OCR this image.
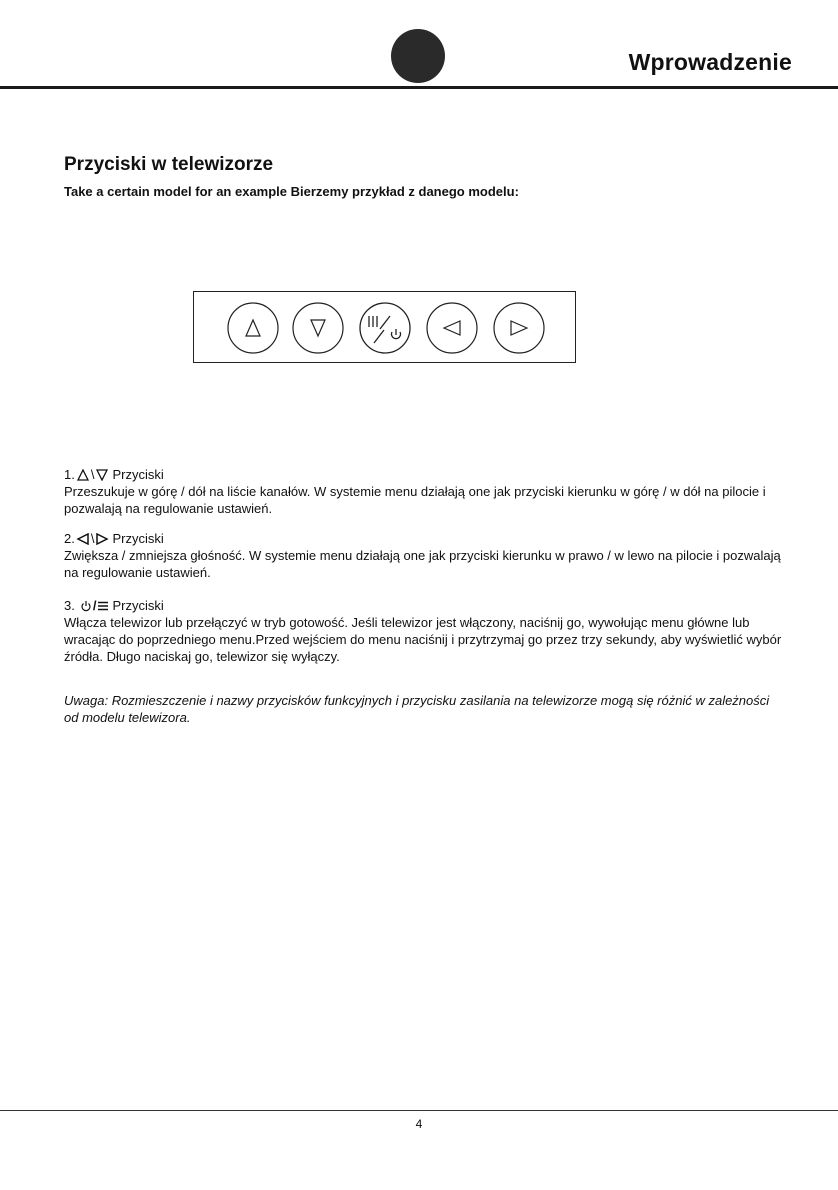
Wprowadzenie
Przyciski w telewizorze

Take a certain model for an example Bierzemy przykład z danego modelu:

1. \ Przyciski

Przeszukuje w górę / dół na liście kanałów. W systemie menu działają one jak przyciski kierunku w górę / w dół na pilocie i pozwalają na regulowanie ustawień.

2. \ Przyciski

Zwiększa / zmniejsza głośność. W systemie menu działają one jak przyciski kierunku w prawo / w lewo na pilocie i pozwalają na regulowanie ustawień.

3. / Przyciski

Włącza telewizor lub przełączyć w tryb gotowość. Jeśli telewizor jest włączony, naciśnij go, wywołując menu główne lub wracając do poprzedniego menu.Przed wejściem do menu naciśnij i przytrzymaj go przez trzy sekundy, aby wyświetlić wybór źródła. Długo naciskaj go, telewizor się wyłączy.

Uwaga: Rozmieszczenie i nazwy przycisków funkcyjnych i przycisku zasilania na telewizorze mogą się różnić w zależności od modelu telewizora.

4
